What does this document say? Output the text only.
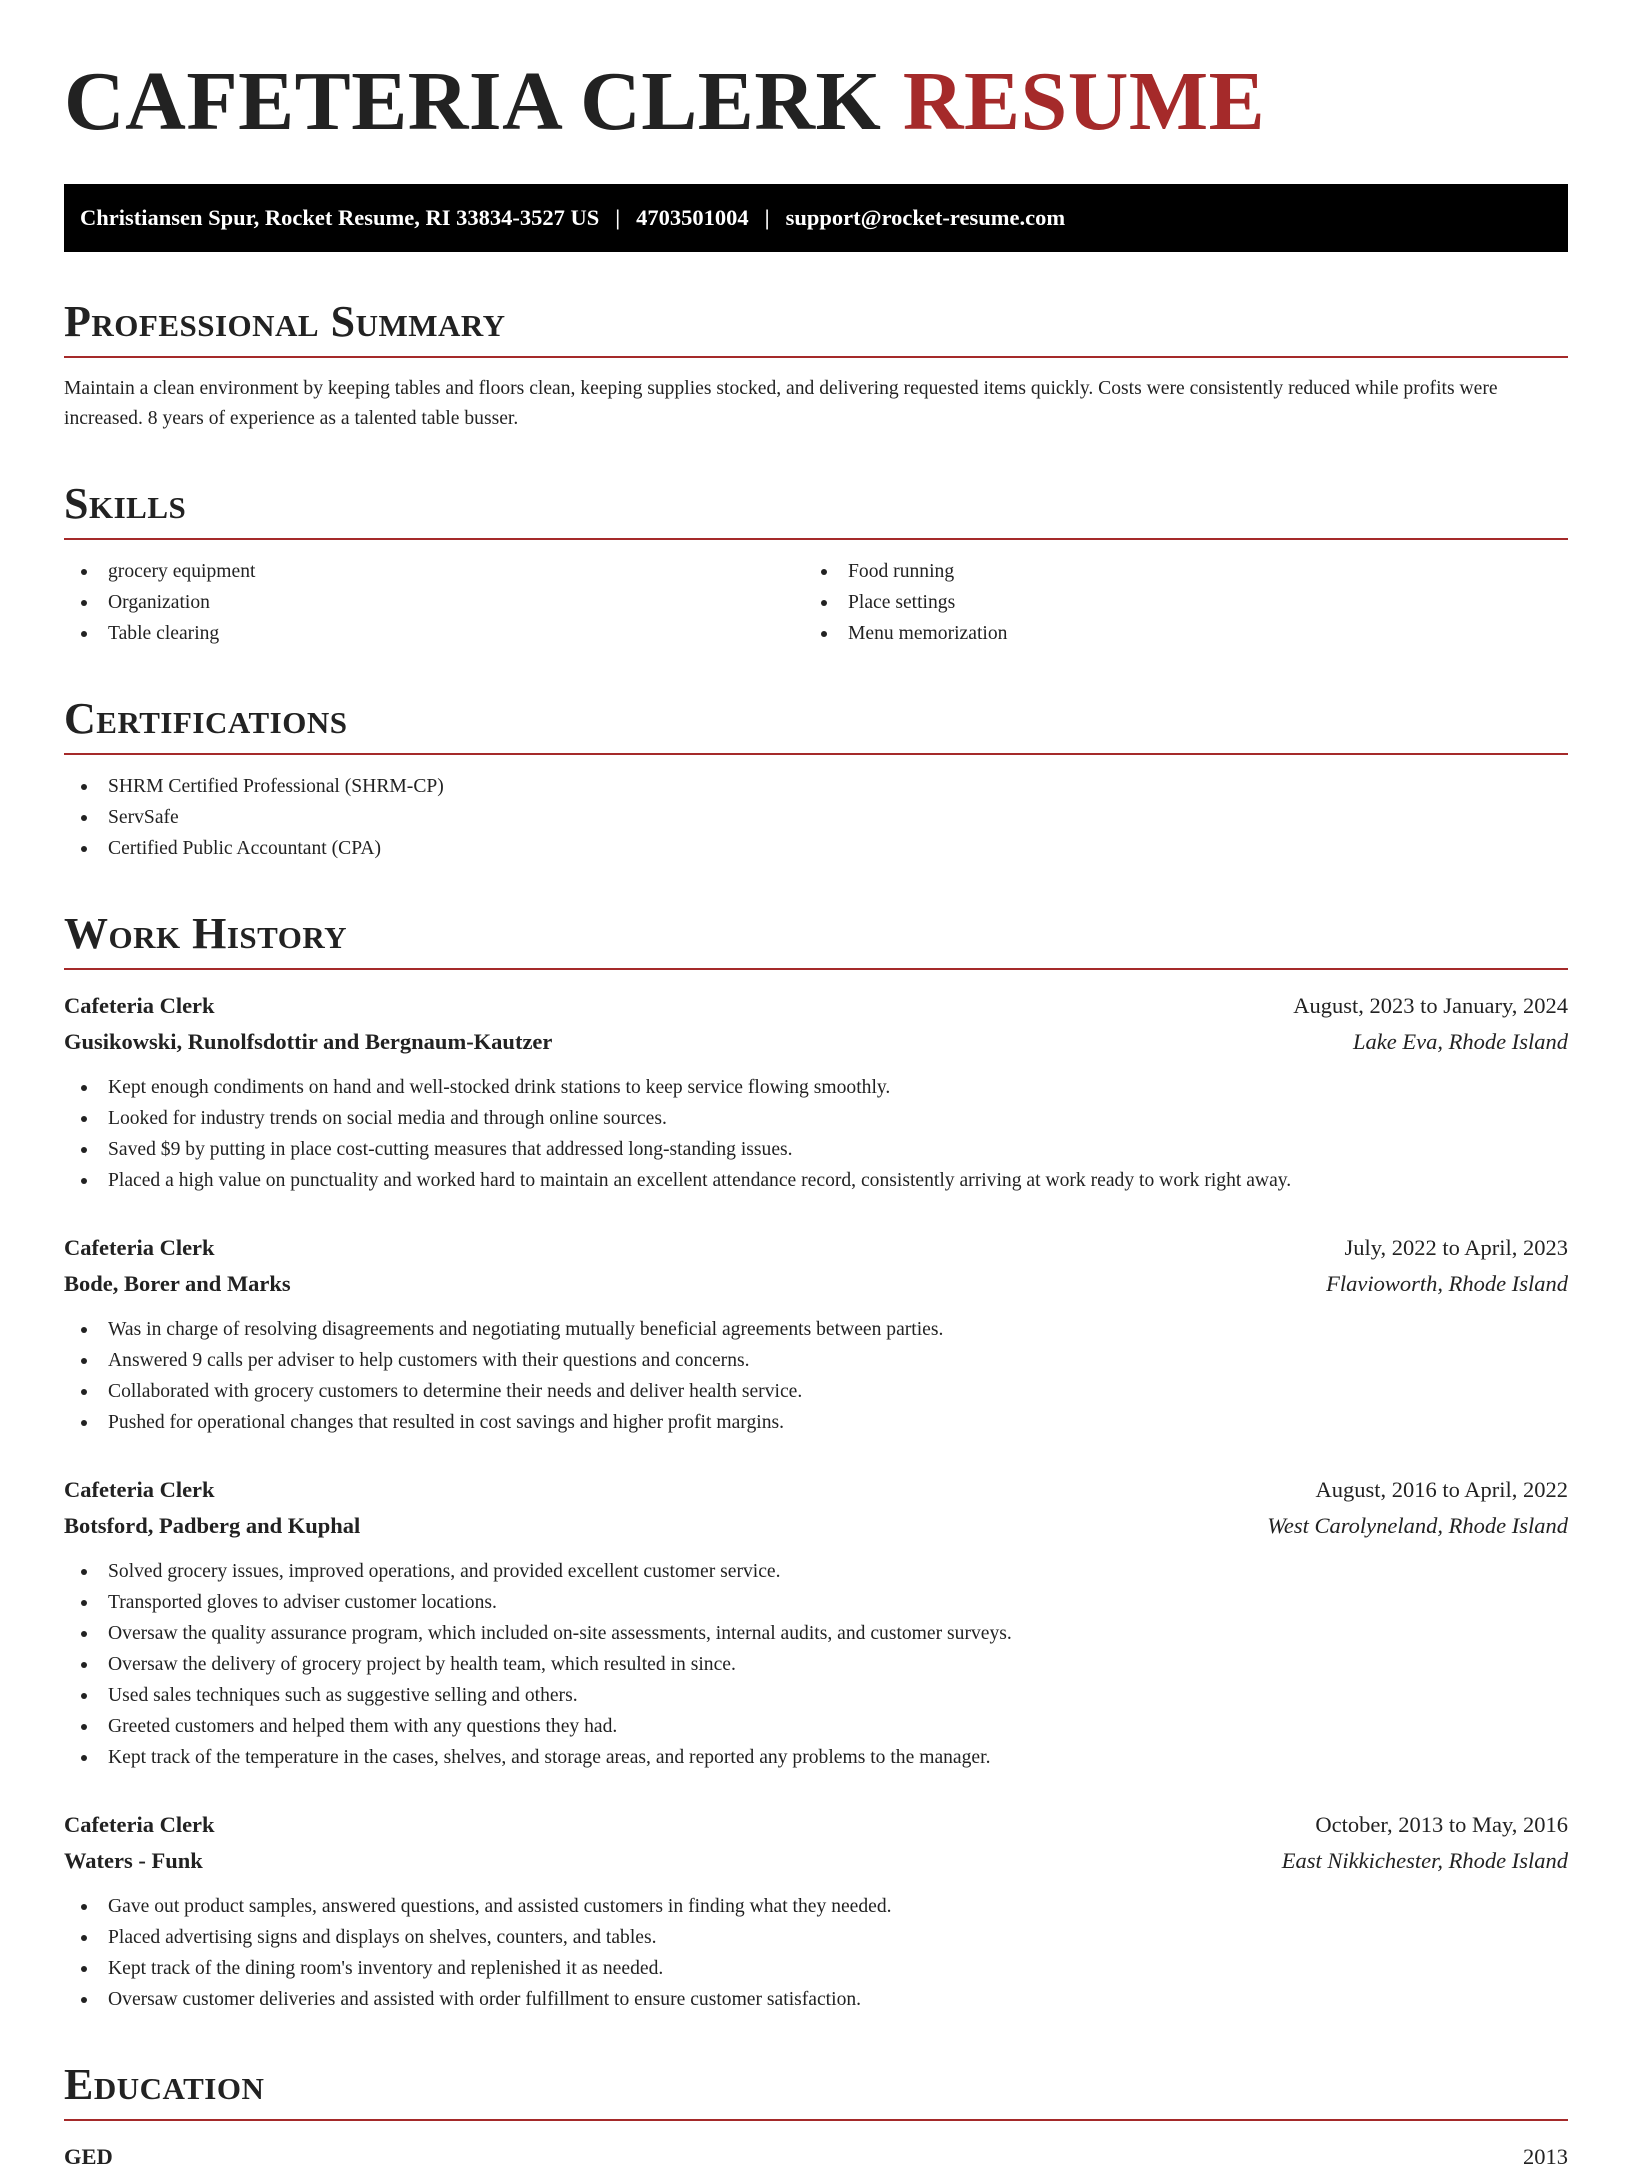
CAFETERIA CLERK RESUME
Christiansen Spur, Rocket Resume, RI 33834-3527 US | 4703501004 | support@rocket-resume.com
Professional Summary

Maintain a clean environment by keeping tables and floors clean, keeping supplies stocked, and delivering requested items quickly. Costs were consistently reduced while profits were increased. 8 years of experience as a talented table busser.

Skills
grocery equipment
Organization
Table clearing
Food running
Place settings
Menu memorization
Certifications
SHRM Certified Professional (SHRM-CP)
ServSafe
Certified Public Accountant (CPA)
Work History
Cafeteria Clerk	August, 2023 to January, 2024
Gusikowski, Runolfsdottir and Bergnaum-Kautzer	Lake Eva, Rhode Island
Kept enough condiments on hand and well-stocked drink stations to keep service flowing smoothly.
Looked for industry trends on social media and through online sources.
Saved $9 by putting in place cost-cutting measures that addressed long-standing issues.
Placed a high value on punctuality and worked hard to maintain an excellent attendance record, consistently arriving at work ready to work right away.
Cafeteria Clerk	July, 2022 to April, 2023
Bode, Borer and Marks	Flavioworth, Rhode Island
Was in charge of resolving disagreements and negotiating mutually beneficial agreements between parties.
Answered 9 calls per adviser to help customers with their questions and concerns.
Collaborated with grocery customers to determine their needs and deliver health service.
Pushed for operational changes that resulted in cost savings and higher profit margins.
Cafeteria Clerk	August, 2016 to April, 2022
Botsford, Padberg and Kuphal	West Carolyneland, Rhode Island
Solved grocery issues, improved operations, and provided excellent customer service.
Transported gloves to adviser customer locations.
Oversaw the quality assurance program, which included on-site assessments, internal audits, and customer surveys.
Oversaw the delivery of grocery project by health team, which resulted in since.
Used sales techniques such as suggestive selling and others.
Greeted customers and helped them with any questions they had.
Kept track of the temperature in the cases, shelves, and storage areas, and reported any problems to the manager.
Cafeteria Clerk	October, 2013 to May, 2016
Waters - Funk	East Nikkichester, Rhode Island
Gave out product samples, answered questions, and assisted customers in finding what they needed.
Placed advertising signs and displays on shelves, counters, and tables.
Kept track of the dining room's inventory and replenished it as needed.
Oversaw customer deliveries and assisted with order fulfillment to ensure customer satisfaction.
Education
GED	2013
